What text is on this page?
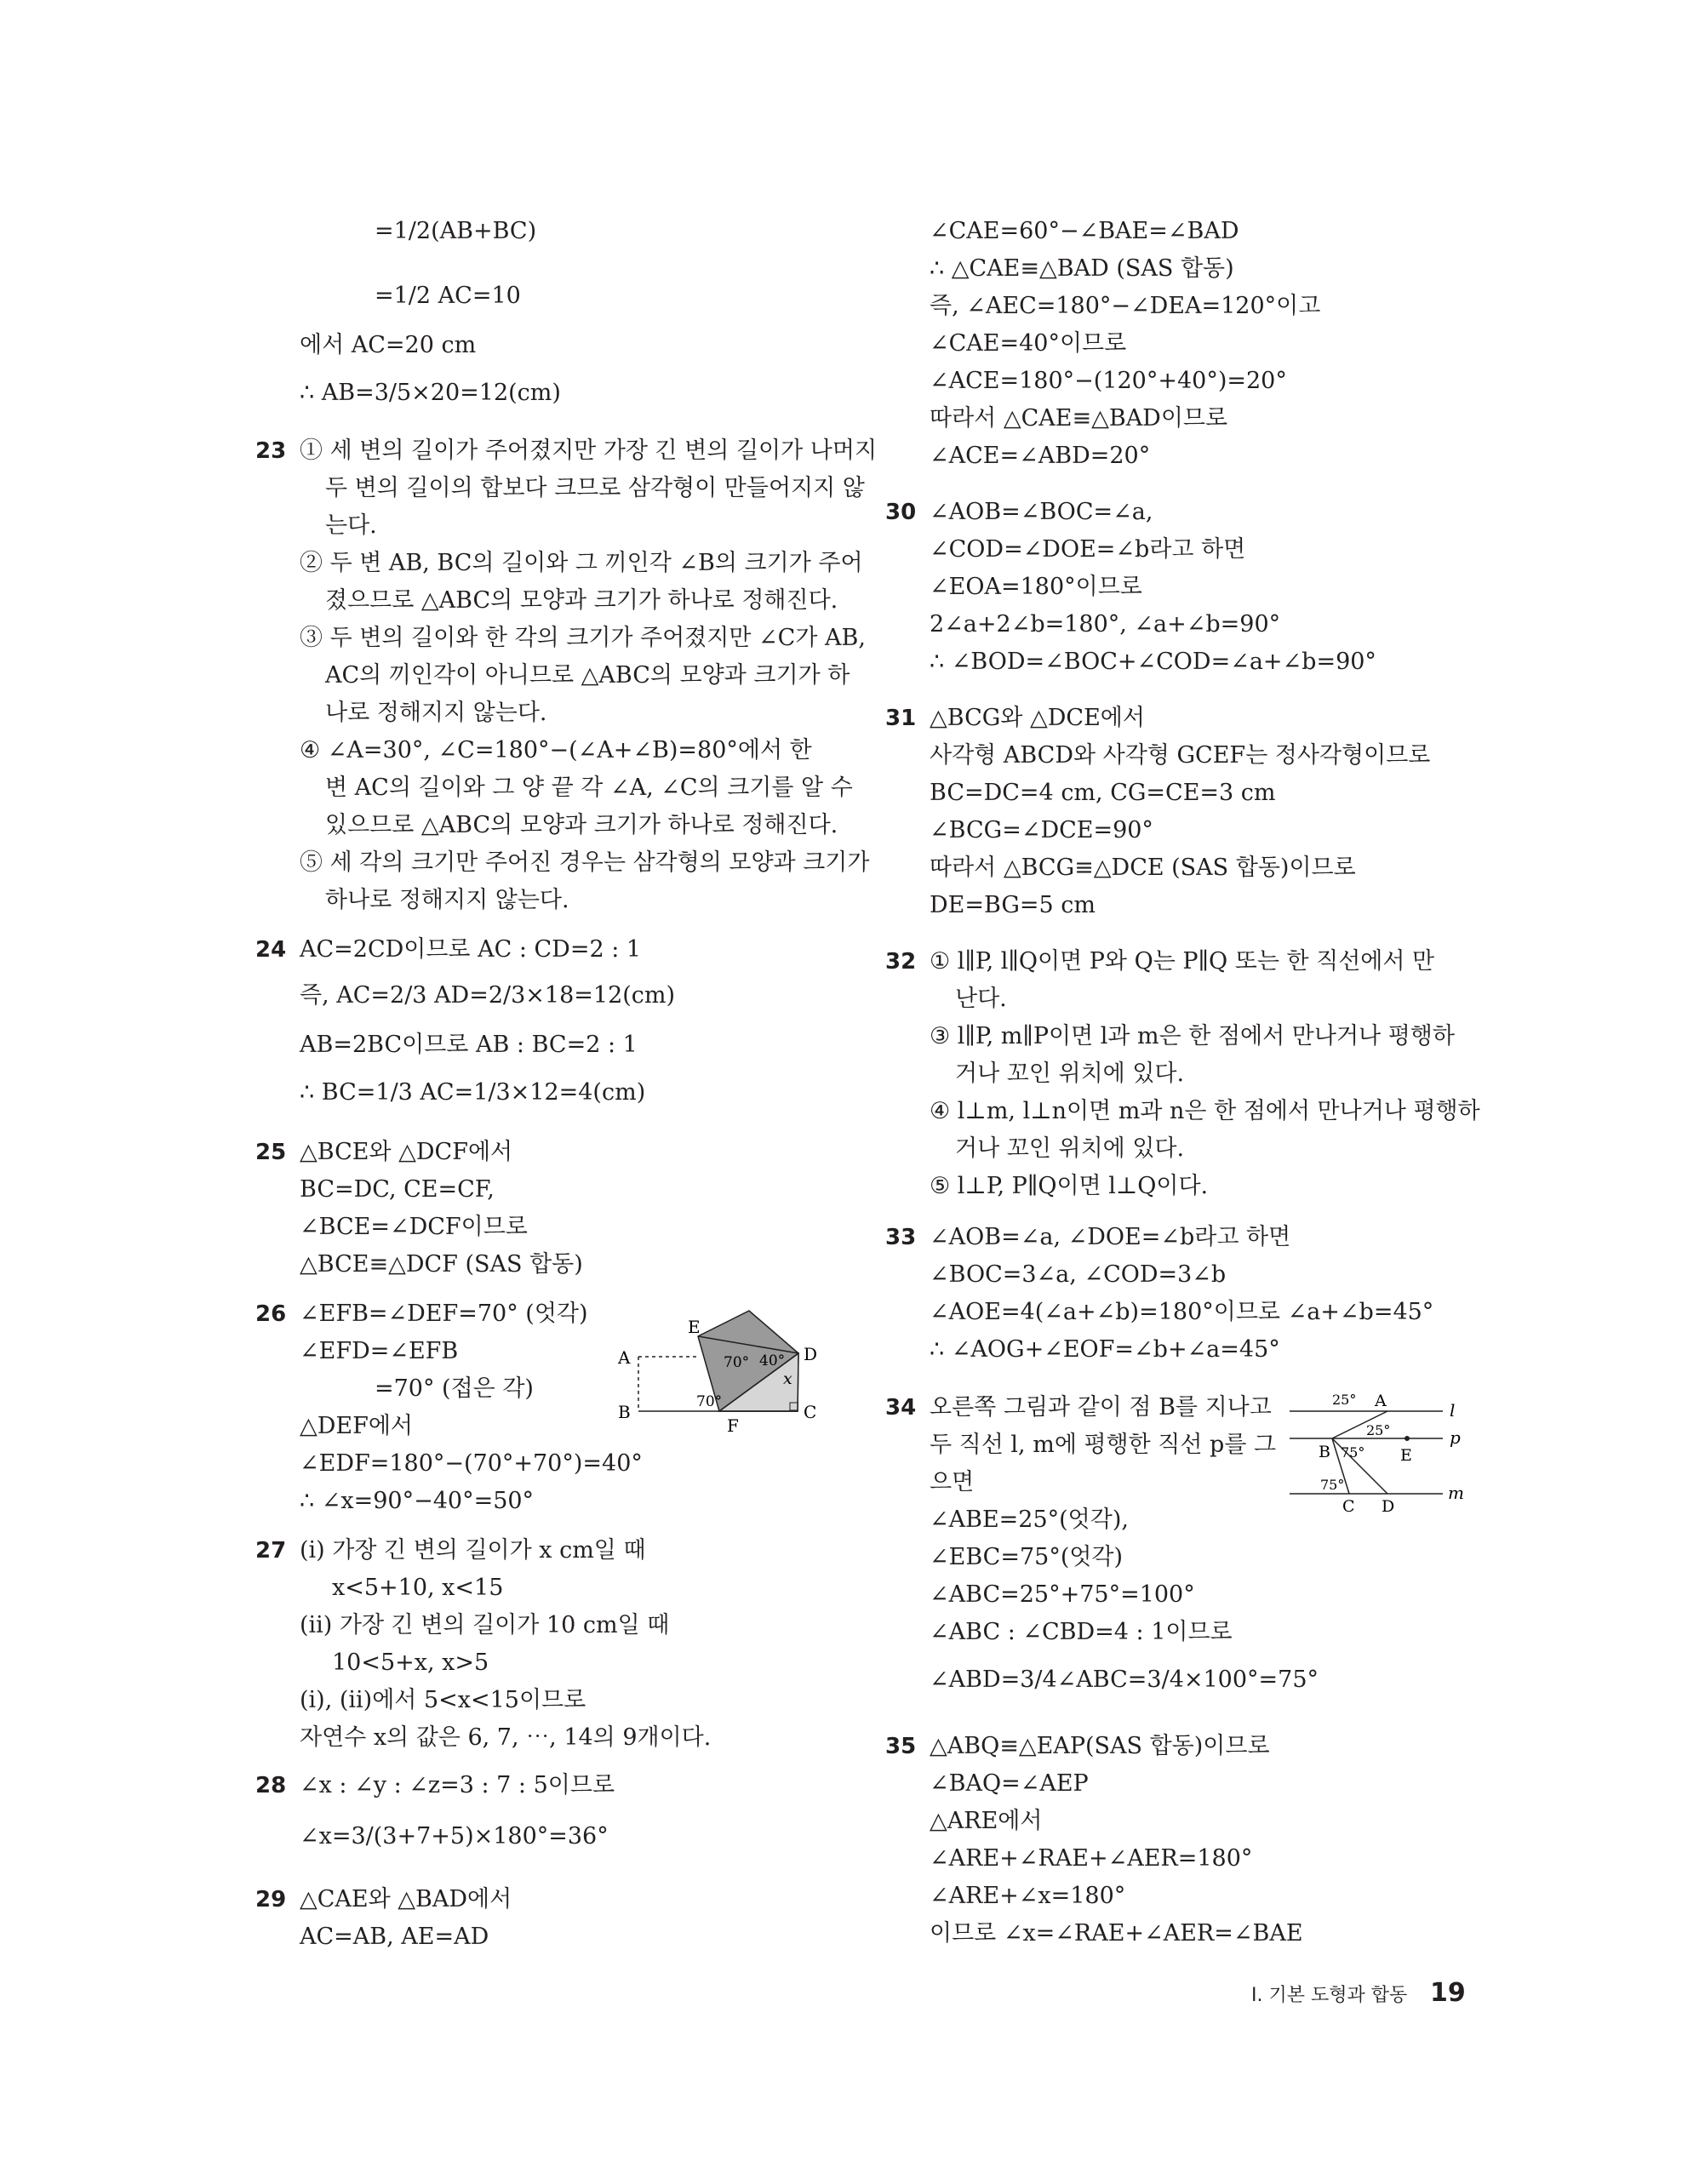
=1/2(AB+BC)
=1/2 AC=10
에서 AC=20 cm
∴ AB=3/5×20=12(cm)
23 ① 세 변의 길이가 주어졌지만 가장 긴 변의 길이가 나머지
두 변의 길이의 합보다 크므로 삼각형이 만들어지지 않
는다.
② 두 변 AB, BC의 길이와 그 끼인각 ∠B의 크기가 주어
졌으므로 △ABC의 모양과 크기가 하나로 정해진다.
③ 두 변의 길이와 한 각의 크기가 주어졌지만 ∠C가 AB,
AC의 끼인각이 아니므로 △ABC의 모양과 크기가 하
나로 정해지지 않는다.
④ ∠A=30°, ∠C=180°−(∠A+∠B)=80°에서 한
변 AC의 길이와 그 양 끝 각 ∠A, ∠C의 크기를 알 수
있으므로 △ABC의 모양과 크기가 하나로 정해진다.
⑤ 세 각의 크기만 주어진 경우는 삼각형의 모양과 크기가
하나로 정해지지 않는다.
24 AC=2CD이므로 AC : CD=2 : 1
즉, AC=2/3 AD=2/3×18=12(cm)
AB=2BC이므로 AB : BC=2 : 1
∴ BC=1/3 AC=1/3×12=4(cm)
25 △BCE와 △DCF에서
BC=DC, CE=CF,
∠BCE=∠DCF이므로
△BCE≡△DCF (SAS 합동)
26 ∠EFB=∠DEF=70° (엇각)
∠EFD=∠EFB
=70° (접은 각)
△DEF에서
∠EDF=180°−(70°+70°)=40°
∴ ∠x=90°−40°=50°
27 (ⅰ) 가장 긴 변의 길이가 x cm일 때
x<5+10, x<15
(ⅱ) 가장 긴 변의 길이가 10 cm일 때
10<5+x, x>5
(ⅰ), (ⅱ)에서 5<x<15이므로
자연수 x의 값은 6, 7, ⋯, 14의 9개이다.
28 ∠x : ∠y : ∠z=3 : 7 : 5이므로
∠x=3/(3+7+5)×180°=36°
29 △CAE와 △BAD에서
AC=AB, AE=AD
A
B	C
D
E
F
70° 40°
70°
x
∠CAE=60°−∠BAE=∠BAD
∴ △CAE≡△BAD (SAS 합동)
즉, ∠AEC=180°−∠DEA=120°이고
∠CAE=40°이므로
∠ACE=180°−(120°+40°)=20°
따라서 △CAE≡△BAD이므로
∠ACE=∠ABD=20°
30 ∠AOB=∠BOC=∠a,
∠COD=∠DOE=∠b라고 하면
∠EOA=180°이므로
2∠a+2∠b=180°, ∠a+∠b=90°
∴ ∠BOD=∠BOC+∠COD=∠a+∠b=90°
31 △BCG와 △DCE에서
사각형 ABCD와 사각형 GCEF는 정사각형이므로
BC=DC=4 cm, CG=CE=3 cm
∠BCG=∠DCE=90°
따라서 △BCG≡△DCE (SAS 합동)이므로
DE=BG=5 cm
32 ① l∥P, l∥Q이면 P와 Q는 P∥Q 또는 한 직선에서 만
난다.
③ l∥P, m∥P이면 l과 m은 한 점에서 만나거나 평행하
거나 꼬인 위치에 있다.
④ l⊥m, l⊥n이면 m과 n은 한 점에서 만나거나 평행하
거나 꼬인 위치에 있다.
⑤ l⊥P, P∥Q이면 l⊥Q이다.
33 ∠AOB=∠a, ∠DOE=∠b라고 하면
∠BOC=3∠a, ∠COD=3∠b
∠AOE=4(∠a+∠b)=180°이므로 ∠a+∠b=45°
∴ ∠AOG+∠EOF=∠b+∠a=45°
34 오른쪽 그림과 같이 점 B를 지나고
두 직선 l, m에 평행한 직선 p를 그
으면
∠ABE=25°(엇각),
∠EBC=75°(엇각)
∠ABC=25°+75°=100°
∠ABC : ∠CBD=4 : 1이므로
∠ABD=3/4∠ABC=3/4×100°=75°
35 △ABQ≡△EAP(SAS 합동)이므로
∠BAQ=∠AEP
△ARE에서
∠ARE+∠RAE+∠AER=180°
∠ARE+∠x=180°
이므로 ∠x=∠RAE+∠AER=∠BAE
A
B
C D
E
l
p
m
25°
25°
75°
75°
Ⅰ. 기본 도형과 합동 19
